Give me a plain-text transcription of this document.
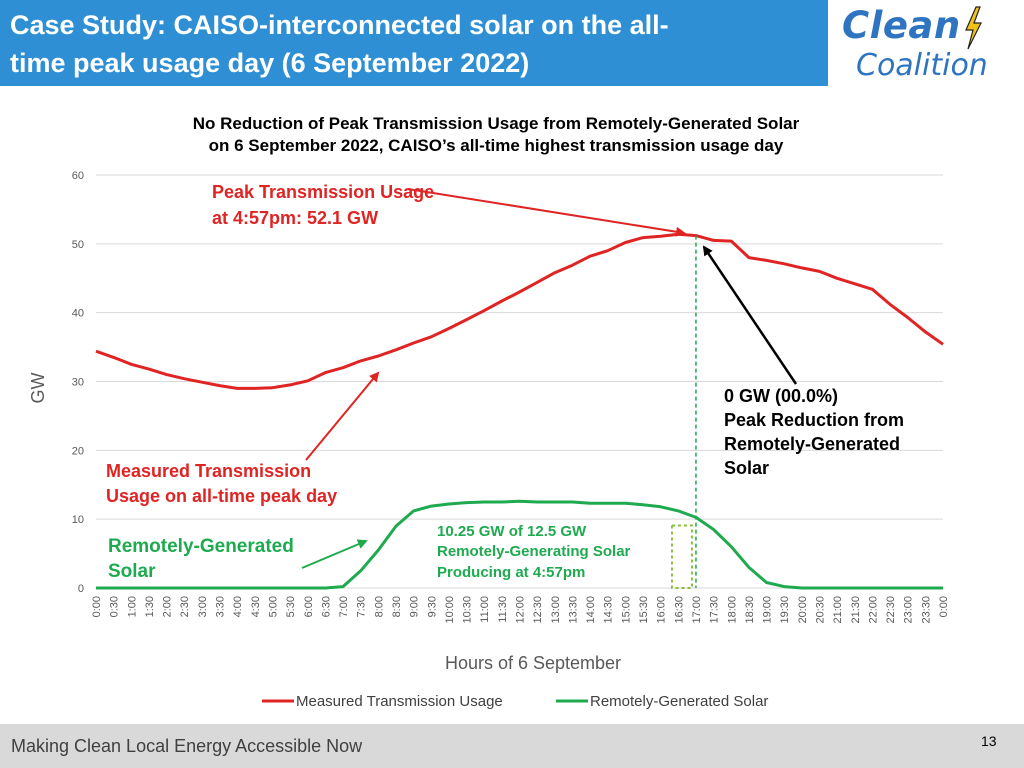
Case Study: CAISO-interconnected solar on the all-
time peak usage day (6 September 2022)
Clean
Coalition
No Reduction of Peak Transmission Usage from Remotely-Generated Solar
on 6 September 2022, CAISO’s all-time highest transmission usage day
0
10
20
30
40
50
60
0:00 0:30 1:00 1:30 2:00 2:30 3:00 3:30 4:00 4:30 5:00 5:30 6:00 6:30 7:00 7:30 8:00 8:30 9:00 9:30 10:00 10:30 11:00 11:30 12:00 12:30 13:00 13:30 14:00 14:30 15:00 15:30 16:00 16:30 17:00 17:30 18:00 18:30 19:00 19:30 20:00 20:30 21:00 21:30 22:00 22:30 23:00 23:30 0:00
GW
Hours of 6 September
Peak Transmission Usage
at 4:57pm: 52.1 GW
Measured Transmission
Usage on all-time peak day
Remotely-Generated
Solar
0 GW (00.0%)
Peak Reduction from
Remotely-Generated
Solar
10.25 GW of 12.5 GW
Remotely-Generating Solar
Producing at 4:57pm
Measured Transmission Usage	Remotely-Generated Solar
Making Clean Local Energy Accessible Now	13
